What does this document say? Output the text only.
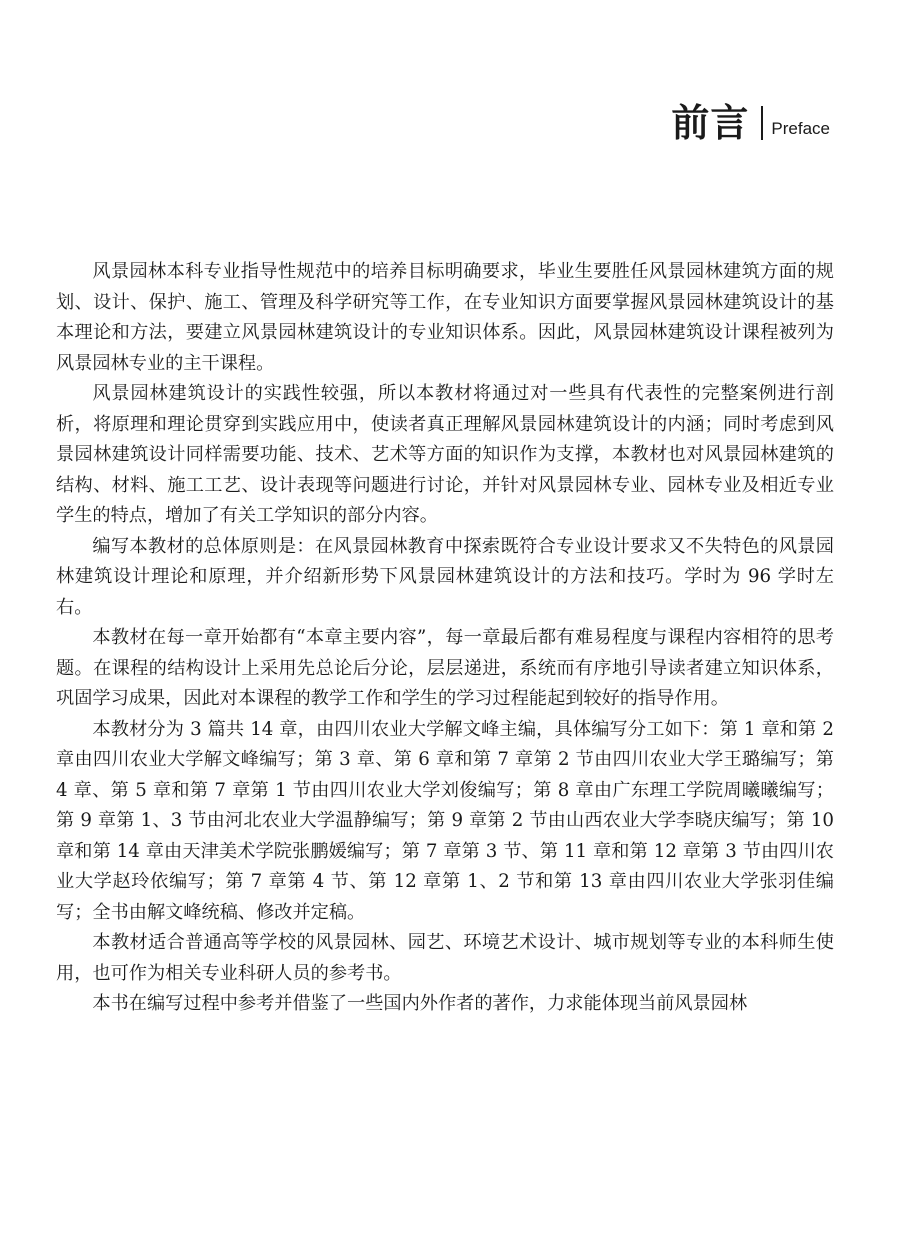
前言 Preface

风景园林本科专业指导性规范中的培养目标明确要求，毕业生要胜任风景园林建筑方面的规划、设计、保护、施工、管理及科学研究等工作，在专业知识方面要掌握风景园林建筑设计的基本理论和方法，要建立风景园林建筑设计的专业知识体系。因此，风景园林建筑设计课程被列为风景园林专业的主干课程。

风景园林建筑设计的实践性较强，所以本教材将通过对一些具有代表性的完整案例进行剖析，将原理和理论贯穿到实践应用中，使读者真正理解风景园林建筑设计的内涵；同时考虑到风景园林建筑设计同样需要功能、技术、艺术等方面的知识作为支撑，本教材也对风景园林建筑的结构、材料、施工工艺、设计表现等问题进行讨论，并针对风景园林专业、园林专业及相近专业学生的特点，增加了有关工学知识的部分内容。

编写本教材的总体原则是：在风景园林教育中探索既符合专业设计要求又不失特色的风景园林建筑设计理论和原理，并介绍新形势下风景园林建筑设计的方法和技巧。学时为 96 学时左右。

本教材在每一章开始都有“本章主要内容”，每一章最后都有难易程度与课程内容相符的思考题。在课程的结构设计上采用先总论后分论，层层递进，系统而有序地引导读者建立知识体系，巩固学习成果，因此对本课程的教学工作和学生的学习过程能起到较好的指导作用。

本教材分为 3 篇共 14 章，由四川农业大学解文峰主编，具体编写分工如下：第 1 章和第 2 章由四川农业大学解文峰编写；第 3 章、第 6 章和第 7 章第 2 节由四川农业大学王璐编写；第 4 章、第 5 章和第 7 章第 1 节由四川农业大学刘俊编写；第 8 章由广东理工学院周曦曦编写；第 9 章第 1、3 节由河北农业大学温静编写；第 9 章第 2 节由山西农业大学李晓庆编写；第 10 章和第 14 章由天津美术学院张鹏媛编写；第 7 章第 3 节、第 11 章和第 12 章第 3 节由四川农业大学赵玲依编写；第 7 章第 4 节、第 12 章第 1、2 节和第 13 章由四川农业大学张羽佳编写；全书由解文峰统稿、修改并定稿。

本教材适合普通高等学校的风景园林、园艺、环境艺术设计、城市规划等专业的本科师生使用，也可作为相关专业科研人员的参考书。

本书在编写过程中参考并借鉴了一些国内外作者的著作，力求能体现当前风景园林
